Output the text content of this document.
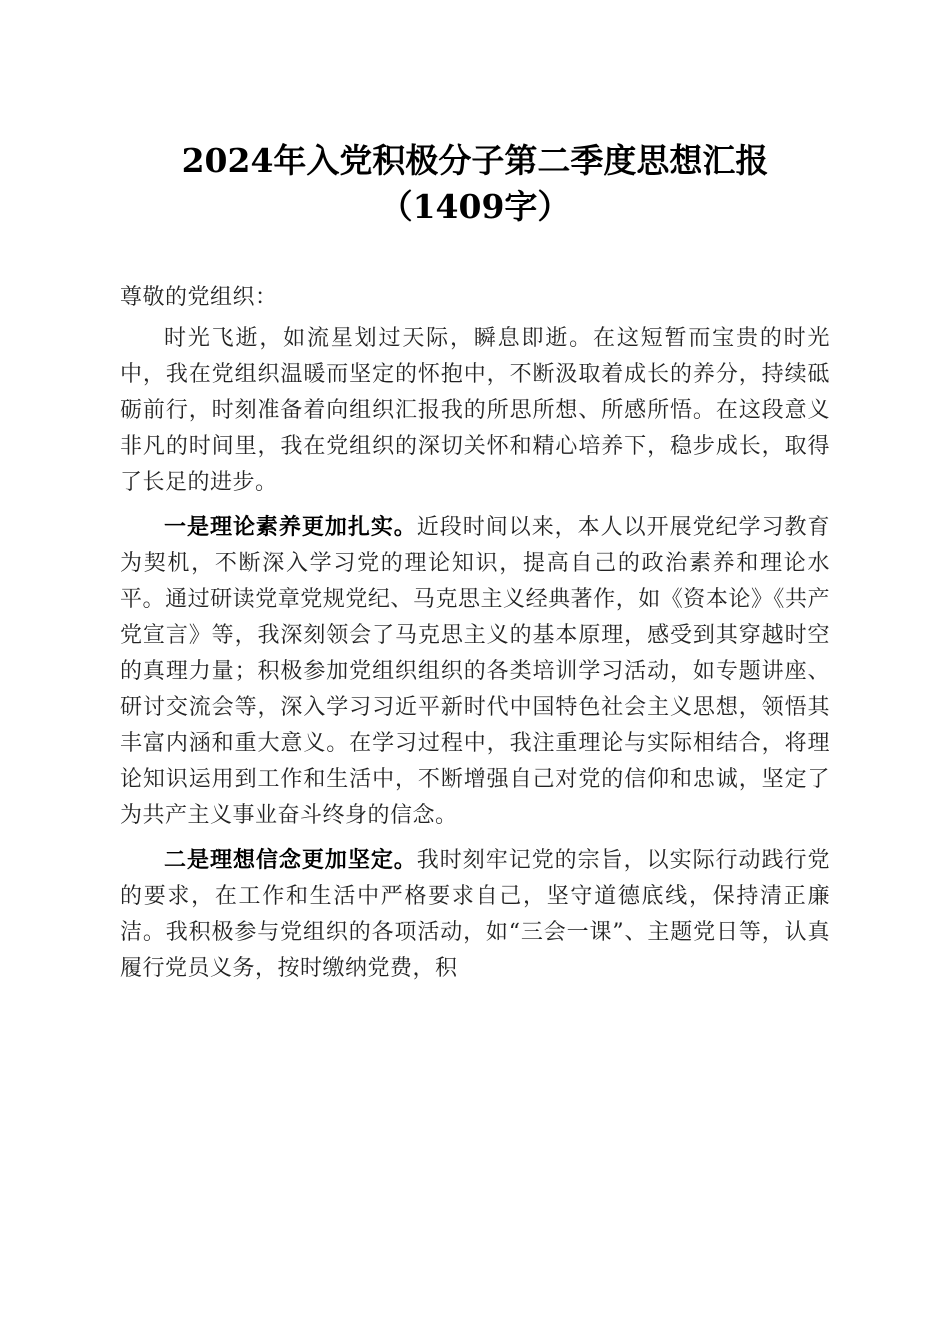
2024年入党积极分子第二季度思想汇报
（1409字）

尊敬的党组织：

时光飞逝，如流星划过天际，瞬息即逝。在这短暂而宝贵的时光中，我在党组织温暖而坚定的怀抱中，不断汲取着成长的养分，持续砥砺前行，时刻准备着向组织汇报我的所思所想、所感所悟。在这段意义非凡的时间里，我在党组织的深切关怀和精心培养下，稳步成长，取得了长足的进步。

一是理论素养更加扎实。近段时间以来，本人以开展党纪学习教育为契机，不断深入学习党的理论知识，提高自己的政治素养和理论水平。通过研读党章党规党纪、马克思主义经典著作，如《资本论》《共产党宣言》等，我深刻领会了马克思主义的基本原理，感受到其穿越时空的真理力量；积极参加党组织组织的各类培训学习活动，如专题讲座、研讨交流会等，深入学习习近平新时代中国特色社会主义思想，领悟其丰富内涵和重大意义。在学习过程中，我注重理论与实际相结合，将理论知识运用到工作和生活中，不断增强自己对党的信仰和忠诚，坚定了为共产主义事业奋斗终身的信念。

二是理想信念更加坚定。我时刻牢记党的宗旨，以实际行动践行党的要求，在工作和生活中严格要求自己，坚守道德底线，保持清正廉洁。我积极参与党组织的各项活动，如“三会一课”、主题党日等，认真履行党员义务，按时缴纳党费，积
